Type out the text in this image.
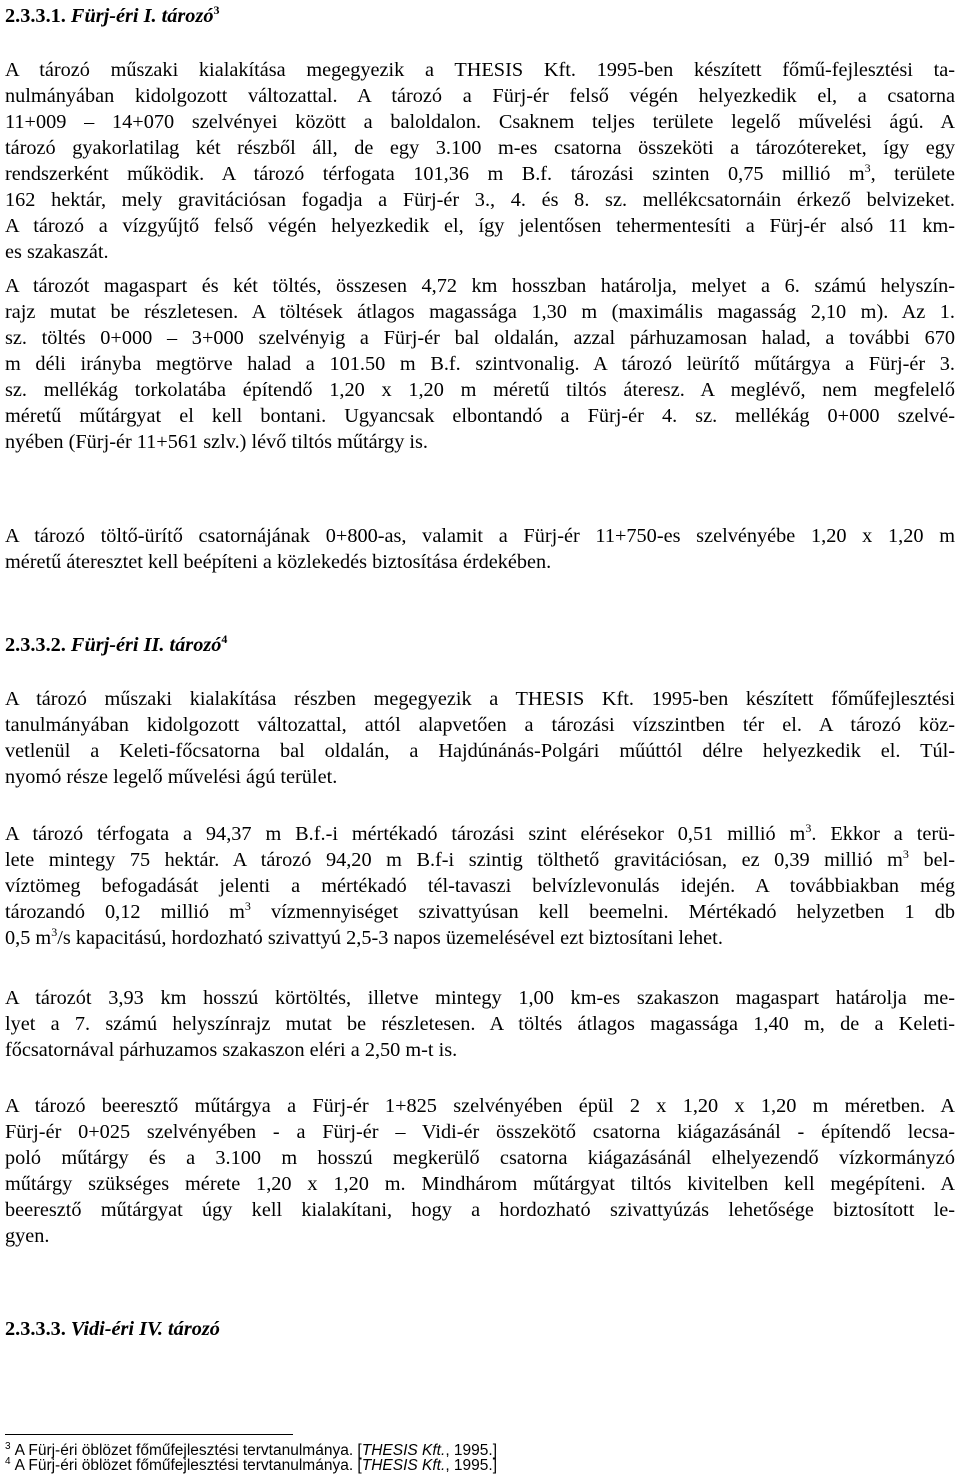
2.3.3.1. Fürj-éri I. tározó$^3$
A tározó műszaki kialakítása megegyezik a THESIS Kft. 1995-ben készített főmű-fejlesztési ta-
nulmányában kidolgozott változattal. A tározó a Fürj-ér felső végén helyezkedik el, a csatorna
11+009 – 14+070 szelvényei között a baloldalon. Csaknem teljes területe legelő művelési ágú. A
tározó gyakorlatilag két részből áll, de egy 3.100 m-es csatorna összeköti a tározótereket, így egy
rendszerként működik. A tározó térfogata 101,36 m B.f. tározási szinten 0,75 millió $m^3$, területe
162 hektár, mely gravitációsan fogadja a Fürj-ér 3., 4. és 8. sz. mellékcsatornáin érkező belvizeket.
A tározó a vízgyűjtő felső végén helyezkedik el, így jelentősen tehermentesíti a Fürj-ér alsó 11 km-
es szakaszát.
A tározót magaspart és két töltés, összesen 4,72 km hosszban határolja, melyet a 6. számú helyszín-
rajz mutat be részletesen. A töltések átlagos magassága 1,30 m (maximális magasság 2,10 m). Az 1.
sz. töltés 0+000 – 3+000 szelvényig a Fürj-ér bal oldalán, azzal párhuzamosan halad, a további 670
m déli irányba megtörve halad a 101.50 m B.f. szintvonalig. A tározó leürítő műtárgya a Fürj-ér 3.
sz. mellékág torkolatába építendő 1,20 x 1,20 m méretű tiltós áteresz. A meglévő, nem megfelelő
méretű műtárgyat el kell bontani. Ugyancsak elbontandó a Fürj-ér 4. sz. mellékág 0+000 szelvé-
nyében (Fürj-ér 11+561 szlv.) lévő tiltós műtárgy is.
A tározó töltő-ürítő csatornájának 0+800-as, valamit a Fürj-ér 11+750-es szelvényébe 1,20 x 1,20 m
méretű áteresztet kell beépíteni a közlekedés biztosítása érdekében.
2.3.3.2. Fürj-éri II. tározó$^4$
A tározó műszaki kialakítása részben megegyezik a THESIS Kft. 1995-ben készített főműfejlesztési
tanulmányában kidolgozott változattal, attól alapvetően a tározási vízszintben tér el. A tározó köz-
vetlenül a Keleti-főcsatorna bal oldalán, a Hajdúnánás-Polgári műúttól délre helyezkedik el. Túl-
nyomó része legelő művelési ágú terület.
A tározó térfogata a 94,37 m B.f.-i mértékadó tározási szint elérésekor 0,51 millió $m^3$. Ekkor a terü-
lete mintegy 75 hektár. A tározó 94,20 m B.f-i szintig tölthető gravitációsan, ez 0,39 millió $m^3$ bel-
víztömeg befogadását jelenti a mértékadó tél-tavaszi belvízlevonulás idején. A továbbiakban még
tározandó 0,12 millió $m^3$ vízmennyiséget szivattyúsan kell beemelni. Mértékadó helyzetben 1 db
0,5 $m^3/s$ kapacitású, hordozható szivattyú 2,5-3 napos üzemelésével ezt biztosítani lehet.
A tározót 3,93 km hosszú körtöltés, illetve mintegy 1,00 km-es szakaszon magaspart határolja me-
lyet a 7. számú helyszínrajz mutat be részletesen. A töltés átlagos magassága 1,40 m, de a Keleti-
főcsatornával párhuzamos szakaszon eléri a 2,50 m-t is.
A tározó beeresztő műtárgya a Fürj-ér 1+825 szelvényében épül 2 x 1,20 x 1,20 m méretben. A
Fürj-ér 0+025 szelvényében - a Fürj-ér – Vidi-ér összekötő csatorna kiágazásánál - építendő lecsa-
poló műtárgy és a 3.100 m hosszú megkerülő csatorna kiágazásánál elhelyezendő vízkormányzó
műtárgy szükséges mérete 1,20 x 1,20 m. Mindhárom műtárgyat tiltós kivitelben kell megépíteni. A
beeresztő műtárgyat úgy kell kialakítani, hogy a hordozható szivattyúzás lehetősége biztosított le-
gyen.
2.3.3.3. Vidi-éri IV. tározó
$^3$ A Fürj-éri öblözet főműfejlesztési tervtanulmánya. [THESIS Kft., 1995.]
$^4$ A Fürj-éri öblözet főműfejlesztési tervtanulmánya. [THESIS Kft., 1995.]
